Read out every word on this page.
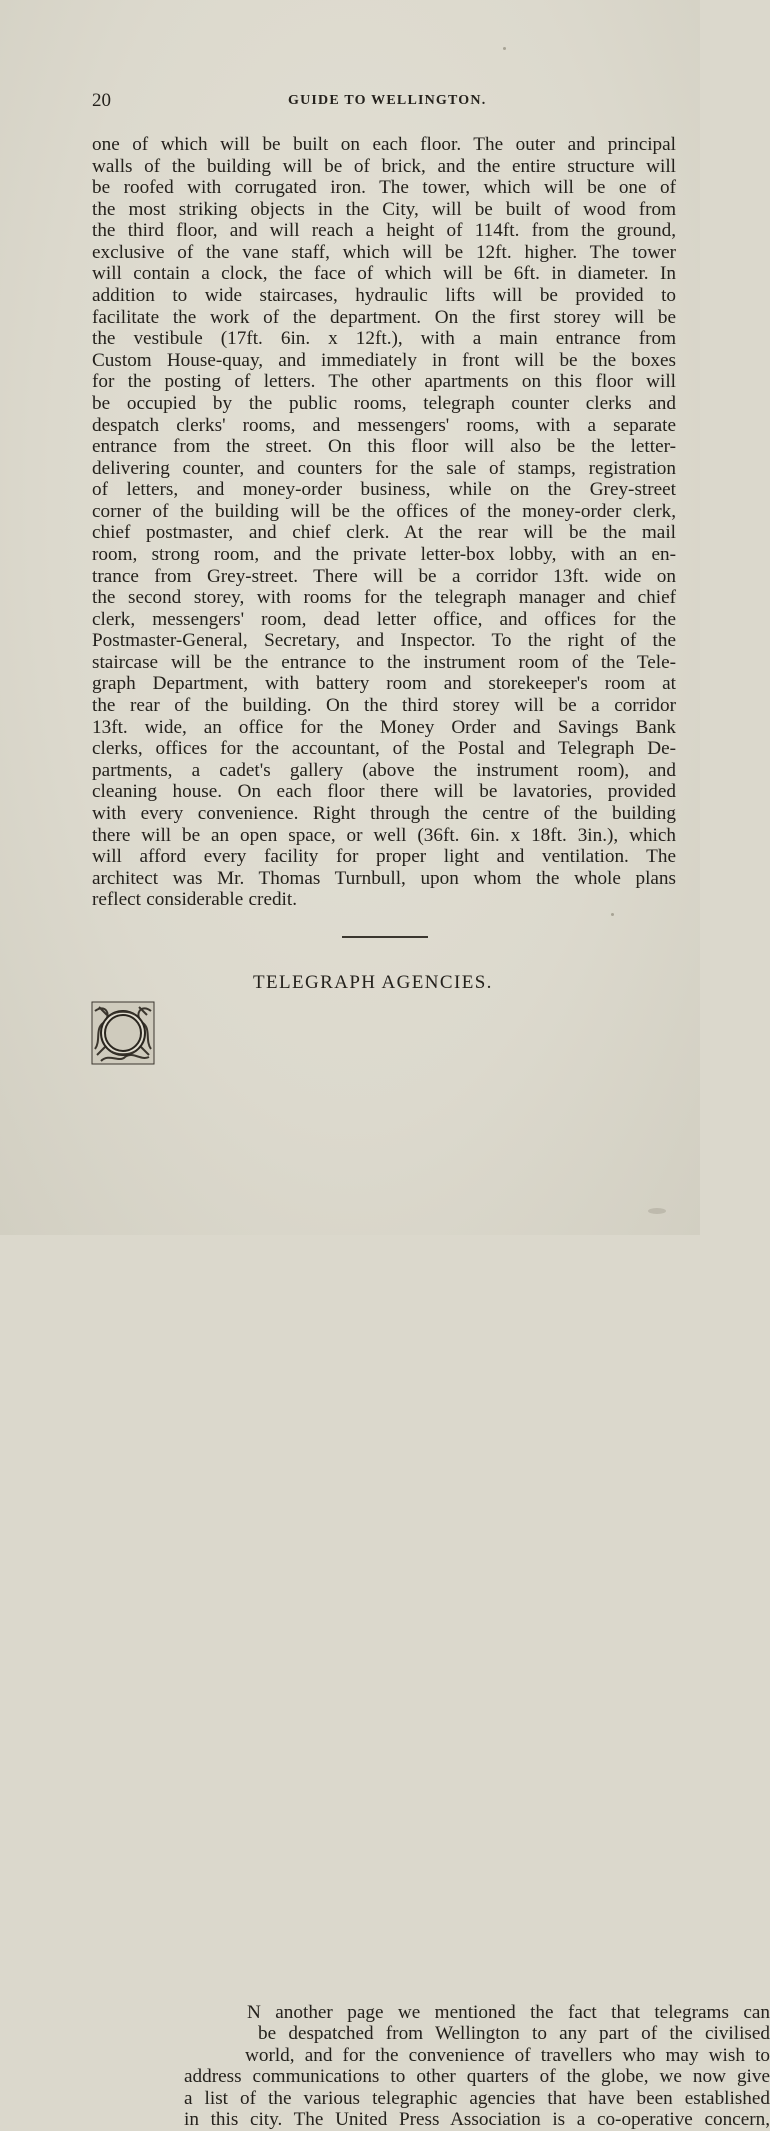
20	GUIDE TO WELLINGTON.
one of which will be built on each floor. The outer and principal
walls of the building will be of brick, and the entire structure will
be roofed with corrugated iron. The tower, which will be one of
the most striking objects in the City, will be built of wood from
the third floor, and will reach a height of 114ft. from the ground,
exclusive of the vane staff, which will be 12ft. higher. The tower
will contain a clock, the face of which will be 6ft. in diameter. In
addition to wide staircases, hydraulic lifts will be provided to
facilitate the work of the department. On the first storey will be
the vestibule (17ft. 6in. x 12ft.), with a main entrance from
Custom House-quay, and immediately in front will be the boxes
for the posting of letters. The other apartments on this floor will
be occupied by the public rooms, telegraph counter clerks and
despatch clerks' rooms, and messengers' rooms, with a separate
entrance from the street. On this floor will also be the letter-
delivering counter, and counters for the sale of stamps, registration
of letters, and money-order business, while on the Grey-street
corner of the building will be the offices of the money-order clerk,
chief postmaster, and chief clerk. At the rear will be the mail
room, strong room, and the private letter-box lobby, with an en-
trance from Grey-street. There will be a corridor 13ft. wide on
the second storey, with rooms for the telegraph manager and chief
clerk, messengers' room, dead letter office, and offices for the
Postmaster-General, Secretary, and Inspector. To the right of the
staircase will be the entrance to the instrument room of the Tele-
graph Department, with battery room and storekeeper's room at
the rear of the building. On the third storey will be a corridor
13ft. wide, an office for the Money Order and Savings Bank
clerks, offices for the accountant, of the Postal and Telegraph De-
partments, a cadet's gallery (above the instrument room), and
cleaning house. On each floor there will be lavatories, provided
with every convenience. Right through the centre of the building
there will be an open space, or well (36ft. 6in. x 18ft. 3in.), which
will afford every facility for proper light and ventilation. The
architect was Mr. Thomas Turnbull, upon whom the whole plans
reflect considerable credit.
TELEGRAPH AGENCIES.
N another page we mentioned the fact that telegrams can
be despatched from Wellington to any part of the civilised
world, and for the convenience of travellers who may wish to
address communications to other quarters of the globe, we now give
a list of the various telegraphic agencies that have been established
in this city. The United Press Association is a co-operative concern,
